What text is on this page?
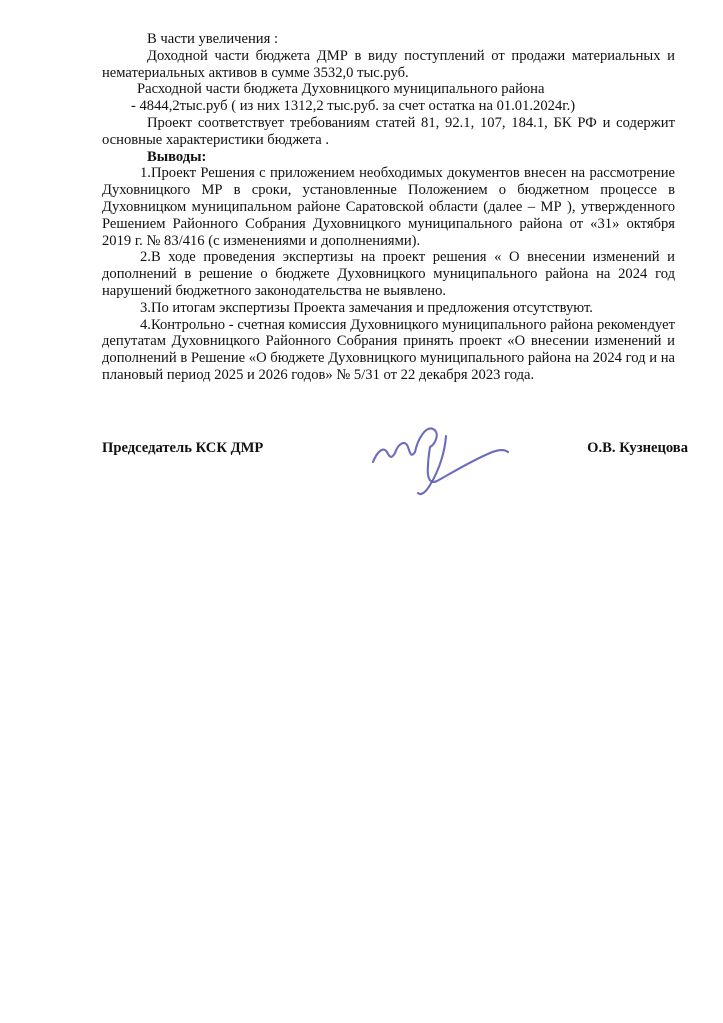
В части увеличения :

Доходной части бюджета ДМР в виду поступлений от продажи материальных и нематериальных активов в сумме 3532,0 тыс.руб.

Расходной части бюджета Духовницкого муниципального района

- 4844,2тыс.руб ( из них 1312,2 тыс.руб. за счет остатка на 01.01.2024г.)

Проект соответствует требованиям статей 81, 92.1, 107, 184.1, БК РФ и содержит основные характеристики бюджета .

Выводы:

1.Проект Решения с приложением необходимых документов внесен на рассмотрение Духовницкого МР в сроки, установленные Положением о бюджетном процессе в Духовницком муниципальном районе Саратовской области (далее – МР ), утвержденного Решением Районного Собрания Духовницкого муниципального района от «31» октября 2019 г. № 83/416 (с изменениями и дополнениями).

2.В ходе проведения экспертизы на проект решения « О внесении изменений и дополнений в решение о бюджете Духовницкого муниципального района на 2024 год нарушений бюджетного законодательства не выявлено.

3.По итогам экспертизы Проекта замечания и предложения отсутствуют.

4.Контрольно - счетная комиссия Духовницкого муниципального района рекомендует депутатам Духовницкого Районного Собрания принять проект «О внесении изменений и дополнений в Решение «О бюджете Духовницкого муниципального района на 2024 год и на плановый период 2025 и 2026 годов» № 5/31 от 22 декабря 2023 года.

Председатель КСК ДМР	О.В. Кузнецова
